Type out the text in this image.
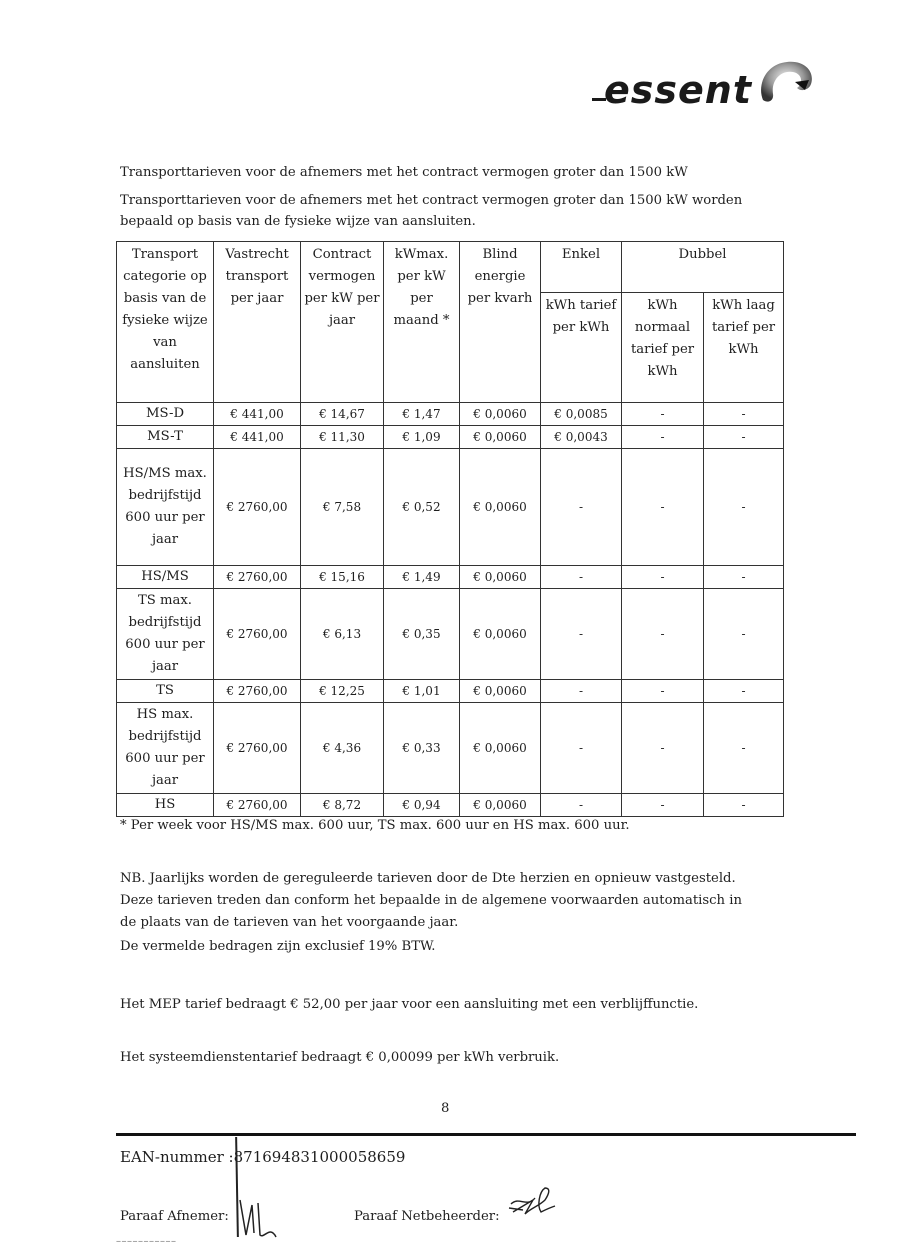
essent
Transporttarieven voor de afnemers met het contract vermogen groter dan 1500 kW
Transporttarieven voor de afnemers met het contract vermogen groter dan 1500 kW worden
bepaald op basis van de fysieke wijze van aansluiten.
Transport categorie op basis van de fysieke wijze van aansluiten	Vastrecht transport per jaar	Contract vermogen per kW per jaar	kWmax. per kW per maand *	Blind energie per kvarh	Enkel	Dubbel	
					kWh tarief per kWh	kWh normaal tarief per kWh	kWh laag tarief per kWh
MS-D	€ 441,00	€ 14,67	€ 1,47	€ 0,0060	€ 0,0085	-	-
MS-T	€ 441,00	€ 11,30	€ 1,09	€ 0,0060	€ 0,0043	-	-
HS/MS max. bedrijfstijd 600 uur per jaar	€ 2760,00	€ 7,58	€ 0,52	€ 0,0060	-	-	-
HS/MS	€ 2760,00	€ 15,16	€ 1,49	€ 0,0060	-	-	-
TS max. bedrijfstijd 600 uur per jaar	€ 2760,00	€ 6,13	€ 0,35	€ 0,0060	-	-	-
TS	€ 2760,00	€ 12,25	€ 1,01	€ 0,0060	-	-	-
HS max. bedrijfstijd 600 uur per jaar	€ 2760,00	€ 4,36	€ 0,33	€ 0,0060	-	-	-
HS	€ 2760,00	€ 8,72	€ 0,94	€ 0,0060	-	-	-
* Per week voor HS/MS max. 600 uur, TS max. 600 uur en HS max. 600 uur.
NB. Jaarlijks worden de gereguleerde tarieven door de Dte herzien en opnieuw vastgesteld.
Deze tarieven treden dan conform het bepaalde in de algemene voorwaarden automatisch in
de plaats van de tarieven van het voorgaande jaar.
De vermelde bedragen zijn exclusief 19% BTW.
Het MEP tarief bedraagt € 52,00 per jaar voor een aansluiting met een verblijffunctie.
Het systeemdienstentarief bedraagt € 0,00099 per kWh verbruik.
8
EAN-nummer :871694831000058659
Paraaf Afnemer:	Paraaf Netbeheerder:
–––––––––––
